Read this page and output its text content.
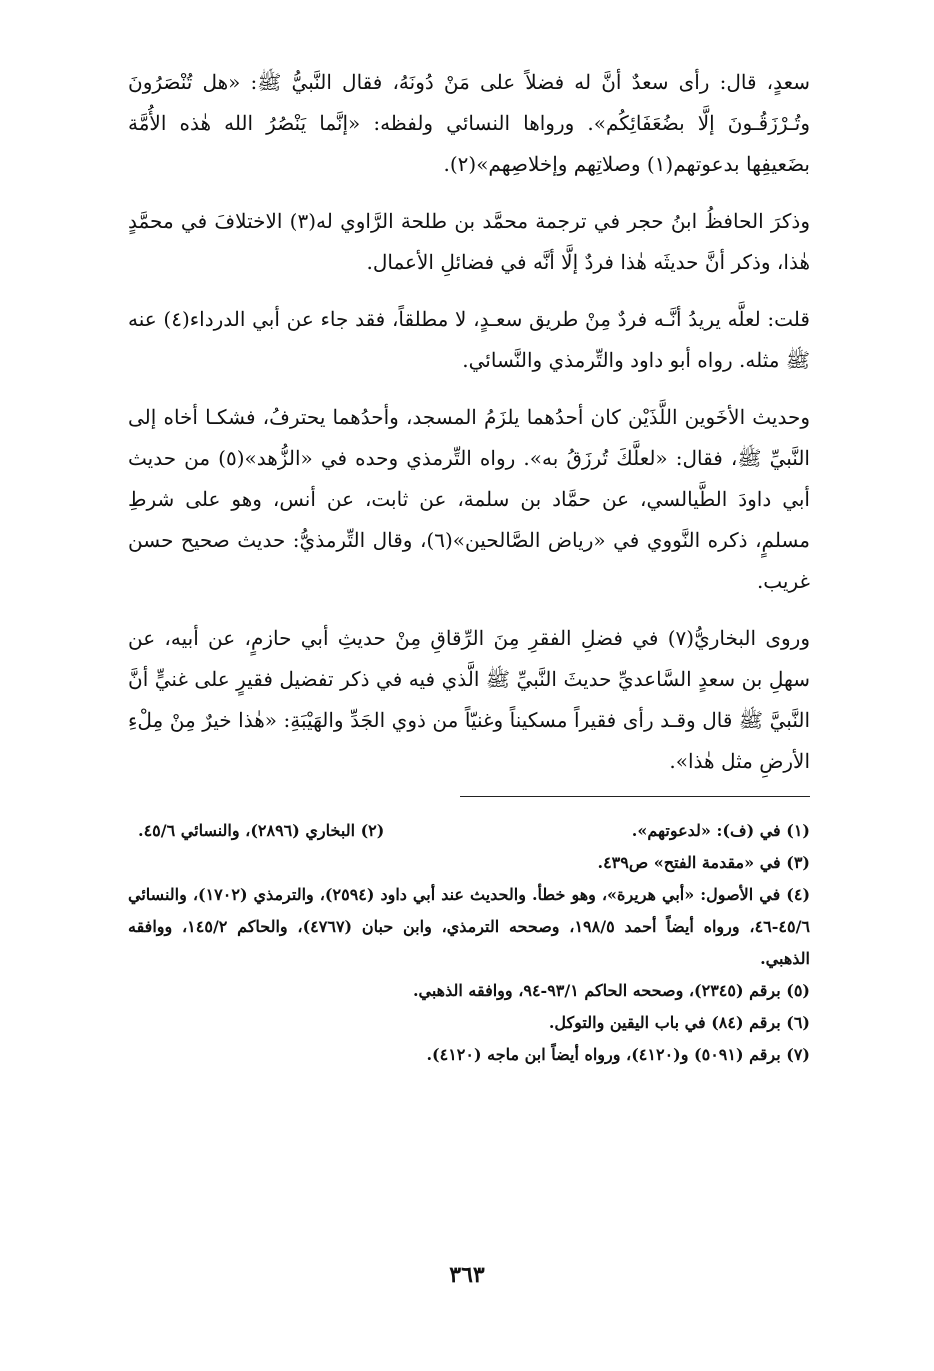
سعدٍ، قال: رأى سعدٌ أنَّ له فضلاً على مَنْ دُونَهُ، فقال النَّبيُّ ﷺ: «هل تُنْصَرُونَ وتُـرْزَقُـونَ إلَّا بضُعَفَائِكُم». ورواها النسائي ولفظه: «إنَّما يَنْصُرُ الله هٰذه الأُمَّة بضَعيفِها بدعوتهم(١) وصلاتِهم وإخلاصِهم»(٢).

وذكرَ الحافظُ ابنُ حجر في ترجمة محمَّد بن طلحة الرَّاوي له(٣) الاختلافَ في محمَّدٍ هٰذا، وذكر أنَّ حديثَه هٰذا فردٌ إلَّا أنَّه في فضائلِ الأعمال.

قلت: لعلَّه يريدُ أنَّـه فردٌ مِنْ طريق سعـدٍ، لا مطلقاً، فقد جاء عن أبي الدرداء(٤) عنه ﷺ مثله. رواه أبو داود والتِّرمذي والنَّسائي.

وحديث الأخَوين اللَّذَيْن كان أحدُهما يلزَمُ المسجد، وأحدُهما يحترفُ، فشكـا أخاه إلى النَّبيِّ ﷺ، فقال: «لعلَّكَ تُرزَقُ به». رواه التِّرمذي وحده في «الزُّهد»(٥) من حديث أبي داودَ الطَّيالسي، عن حمَّاد بن سلمة، عن ثابت، عن أنس، وهو على شرطِ مسلمٍ، ذكره النَّووي في «رياض الصَّالحين»(٦)، وقال التِّرمذيُّ: حديث صحيح حسن غريب.

وروى البخاريُّ(٧) في فضلِ الفقرِ مِنَ الرِّقاقِ مِنْ حديثِ أبي حازمٍ، عن أبيه، عن سهلِ بن سعدٍ السَّاعديِّ حديثَ النَّبيِّ ﷺ الَّذي فيه في ذكر تفضيل فقيرٍ على غنيٍّ أنَّ النَّبيَّ ﷺ قال وقـد رأى فقيراً مسكيناً وغنيّاً من ذوي الجَدِّ والهَيْبَةِ: «هٰذا خيرٌ مِنْ مِلْءِ الأرضِ مثل هٰذا».

(١) في (ف): «لدعوتهم».
(٢) البخاري (٢٨٩٦)، والنسائي ٤٥/٦.

(٣) في «مقدمة الفتح» ص٤٣٩.

(٤) في الأصول: «أبي هريرة»، وهو خطأ. والحديث عند أبي داود (٢٥٩٤)، والترمذي (١٧٠٢)، والنسائي ٤٥/٦-٤٦، ورواه أيضاً أحمد ١٩٨/٥، وصححه الترمذي، وابن حبان (٤٧٦٧)، والحاكم ١٤٥/٢، ووافقه الذهبي.

(٥) برقم (٢٣٤٥)، وصححه الحاكم ٩٣/١-٩٤، ووافقه الذهبي.

(٦) برقم (٨٤) في باب اليقين والتوكل.

(٧) برقم (٥٠٩١) و(٤١٢٠)، ورواه أيضاً ابن ماجه (٤١٢٠).

٣٦٣
